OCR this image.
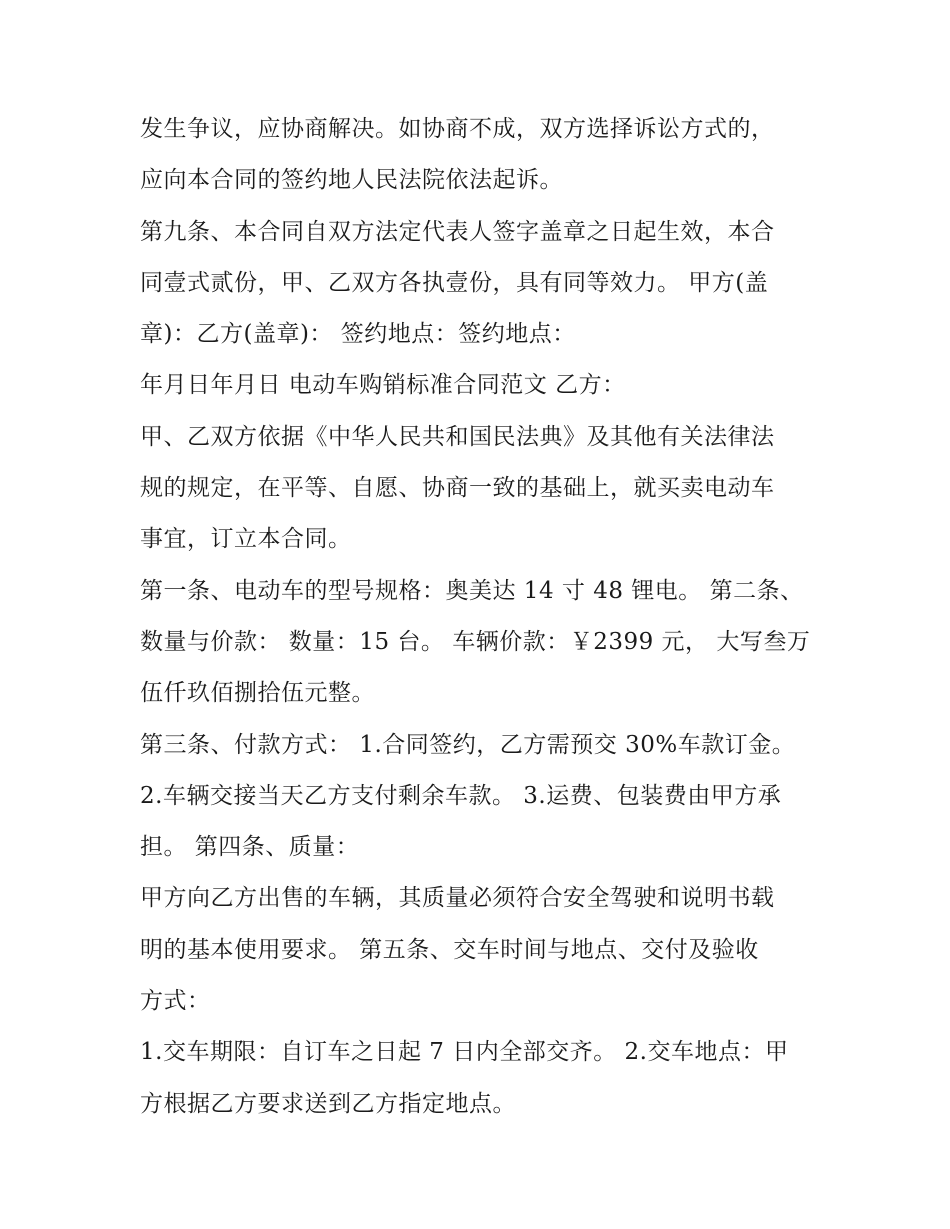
发生争议，应协商解决。如协商不成，双方选择诉讼方式的，
应向本合同的签约地人民法院依法起诉。
第九条、本合同自双方法定代表人签字盖章之日起生效，本合
同壹式贰份，甲、乙双方各执壹份，具有同等效力。 甲方(盖
章)：乙方(盖章)： 签约地点：签约地点：
年月日年月日 电动车购销标准合同范文 乙方：
甲、乙双方依据《中华人民共和国民法典》及其他有关法律法
规的规定，在平等、自愿、协商一致的基础上，就买卖电动车
事宜，订立本合同。
第一条、电动车的型号规格：奥美达 14 寸 48 锂电。 第二条、
数量与价款： 数量：15 台。 车辆价款：￥2399 元， 大写叁万
伍仟玖佰捌拾伍元整。
第三条、付款方式： 1.合同签约，乙方需预交 30%车款订金。
2.车辆交接当天乙方支付剩余车款。 3.运费、包装费由甲方承
担。 第四条、质量：
甲方向乙方出售的车辆，其质量必须符合安全驾驶和说明书载
明的基本使用要求。 第五条、交车时间与地点、交付及验收
方式：
1.交车期限：自订车之日起 7 日内全部交齐。 2.交车地点：甲
方根据乙方要求送到乙方指定地点。
